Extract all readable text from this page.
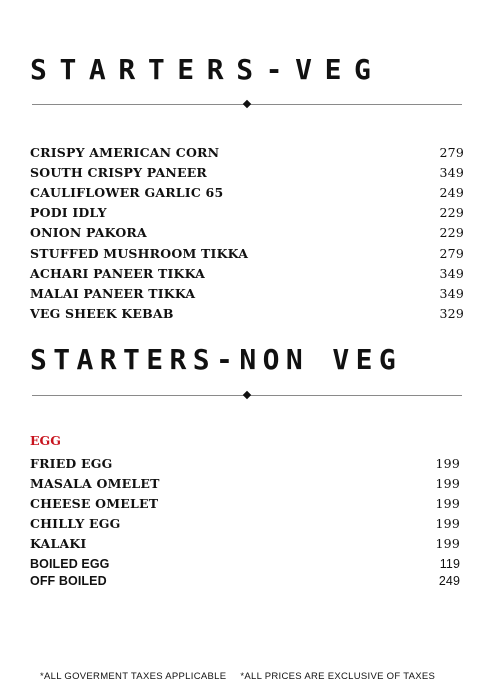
STARTERS-VEG
CRISPY AMERICAN CORN	279
SOUTH CRISPY PANEER	349
CAULIFLOWER GARLIC 65	249
PODI IDLY	229
ONION PAKORA	229
STUFFED MUSHROOM TIKKA	279
ACHARI PANEER TIKKA	349
MALAI PANEER TIKKA	349
VEG SHEEK KEBAB	329
STARTERS-NON VEG
EGG
FRIED EGG	199
MASALA OMELET	199
CHEESE OMELET	199
CHILLY EGG	199
KALAKI	199
BOILED EGG	119
OFF BOILED	249
*ALL GOVERMENT TAXES APPLICABLE *ALL PRICES ARE EXCLUSIVE OF TAXES
